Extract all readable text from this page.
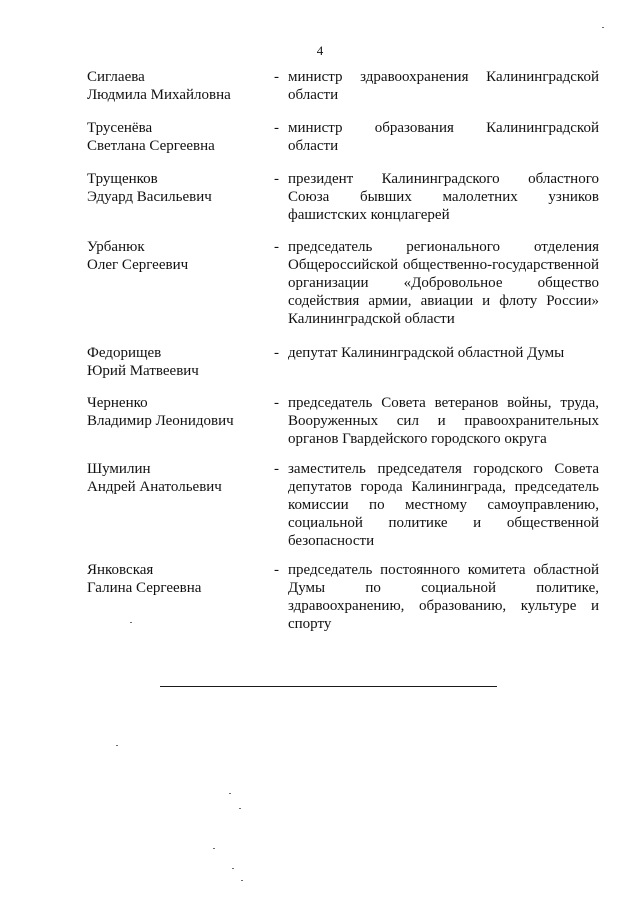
4
Сиглаева
Людмила Михайловна
- министр здравоохранения Калининградской
области
Трусенёва
Светлана Сергеевна
- министр образования Калининградской
области
Трущенков
Эдуард Васильевич
- президент Калининградского областного
Союза бывших малолетних узников
фашистских концлагерей
Урбанюк
Олег Сергеевич
- председатель регионального отделения
Общероссийской общественно-государственной
организации «Добровольное общество
содействия армии, авиации и флоту России»
Калининградской области
Федорищев
Юрий Матвеевич
- депутат Калининградской областной Думы
Черненко
Владимир Леонидович
- председатель Совета ветеранов войны, труда,
Вооруженных сил и правоохранительных
органов Гвардейского городского округа
Шумилин
Андрей Анатольевич
- заместитель председателя городского Совета
депутатов города Калининграда, председатель
комиссии по местному самоуправлению,
социальной политике и общественной
безопасности
Янковская
Галина Сергеевна
- председатель постоянного комитета областной
Думы по социальной политике,
здравоохранению, образованию, культуре и
спорту
